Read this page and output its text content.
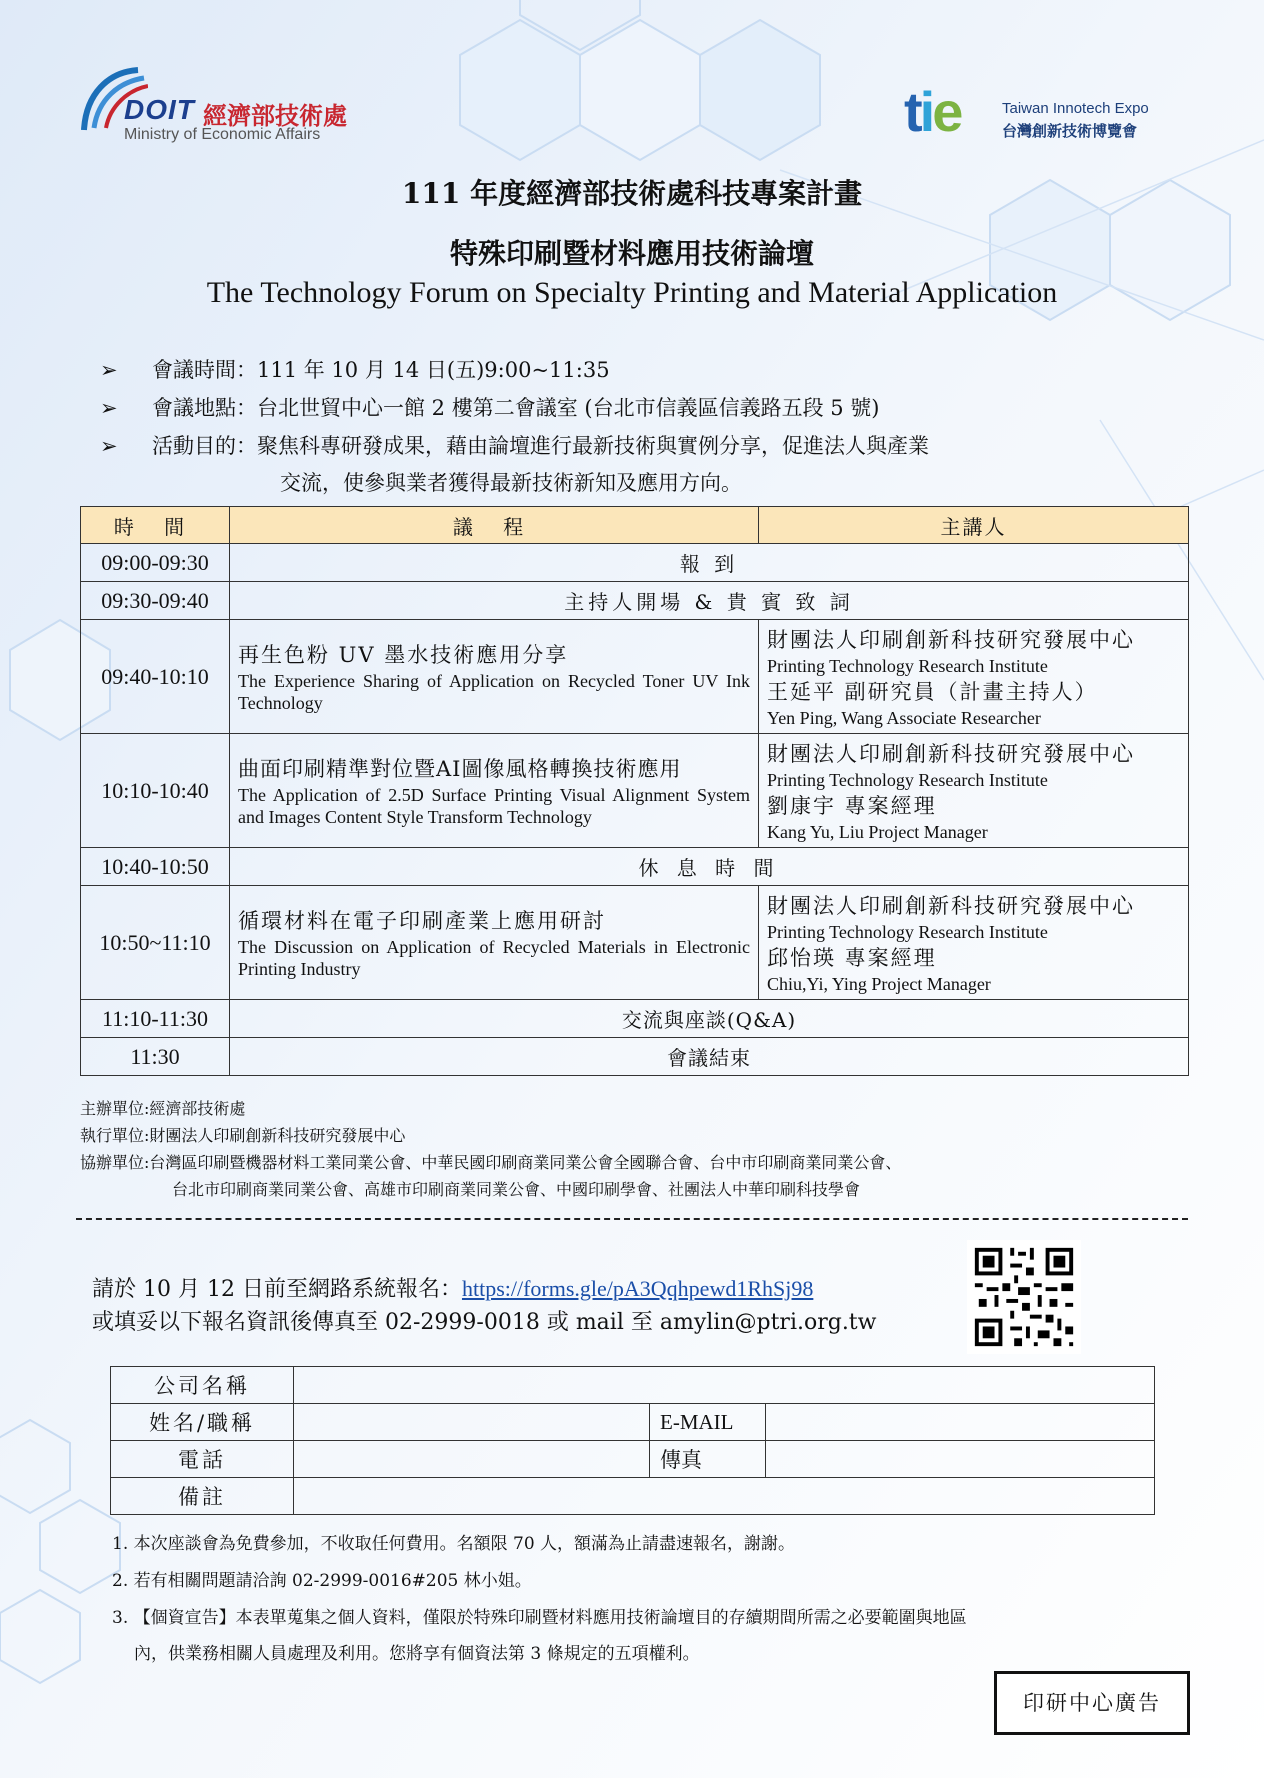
DOIT 經濟部技術處
Ministry of Economic Affairs	tie	Taiwan Innotech Expo
台灣創新技術博覽會
111 年度經濟部技術處科技專案計畫
特殊印刷暨材料應用技術論壇
The Technology Forum on Specialty Printing and Material Application
➢ 會議時間：111 年 10 月 14 日(五)9:00~11:35
➢ 會議地點：台北世貿中心一館 2 樓第二會議室 (台北市信義區信義路五段 5 號)
➢ 活動目的：聚焦科專研發成果，藉由論壇進行最新技術與實例分享，促進法人與產業
交流，使參與業者獲得最新技術新知及應用方向。
時 間	議 程	主講人
09:00-09:30	報 到	
09:30-09:40	主持人開場 & 貴 賓 致 詞	
09:40-10:10	再生色粉 UV 墨水技術應用分享
The Experience Sharing of Application on Recycled Toner UV Ink Technology	財團法人印刷創新科技研究發展中心
Printing Technology Research Institute
王延平 副研究員（計畫主持人）
Yen Ping, Wang Associate Researcher

10:10-10:40	曲面印刷精準對位暨AI圖像風格轉換技術應用
The Application of 2.5D Surface Printing Visual Alignment System and Images Content Style Transform Technology	財團法人印刷創新科技研究發展中心
Printing Technology Research Institute
劉康宇 專案經理
Kang Yu, Liu Project Manager

10:40-10:50	休 息 時 間	
10:50~11:10	循環材料在電子印刷產業上應用研討
The Discussion on Application of Recycled Materials in Electronic Printing Industry	財團法人印刷創新科技研究發展中心
Printing Technology Research Institute
邱怡瑛 專案經理
Chiu,Yi, Ying Project Manager

11:10-11:30	交流與座談(Q&A)	
11:30	會議結束	
主辦單位:經濟部技術處
執行單位:財團法人印刷創新科技研究發展中心
協辦單位:台灣區印刷暨機器材料工業同業公會、中華民國印刷商業同業公會全國聯合會、台中市印刷商業同業公會、
台北市印刷商業同業公會、高雄市印刷商業同業公會、中國印刷學會、社團法人中華印刷科技學會
請於 10 月 12 日前至網路系統報名：https://forms.gle/pA3Qqhpewd1RhSj98
或填妥以下報名資訊後傳真至 02-2999-0018 或 mail 至 amylin@ptri.org.tw
公司名稱			
姓名/職稱		E-MAIL	
電話		傳真	
備註			
1. 本次座談會為免費參加，不收取任何費用。名額限 70 人，額滿為止請盡速報名，謝謝。
2. 若有相關問題請洽詢 02-2999-0016#205 林小姐。
3. 【個資宣告】本表單蒐集之個人資料，僅限於特殊印刷暨材料應用技術論壇目的存續期間所需之必要範圍與地區
內，供業務相關人員處理及利用。您將享有個資法第 3 條規定的五項權利。
印研中心廣告
